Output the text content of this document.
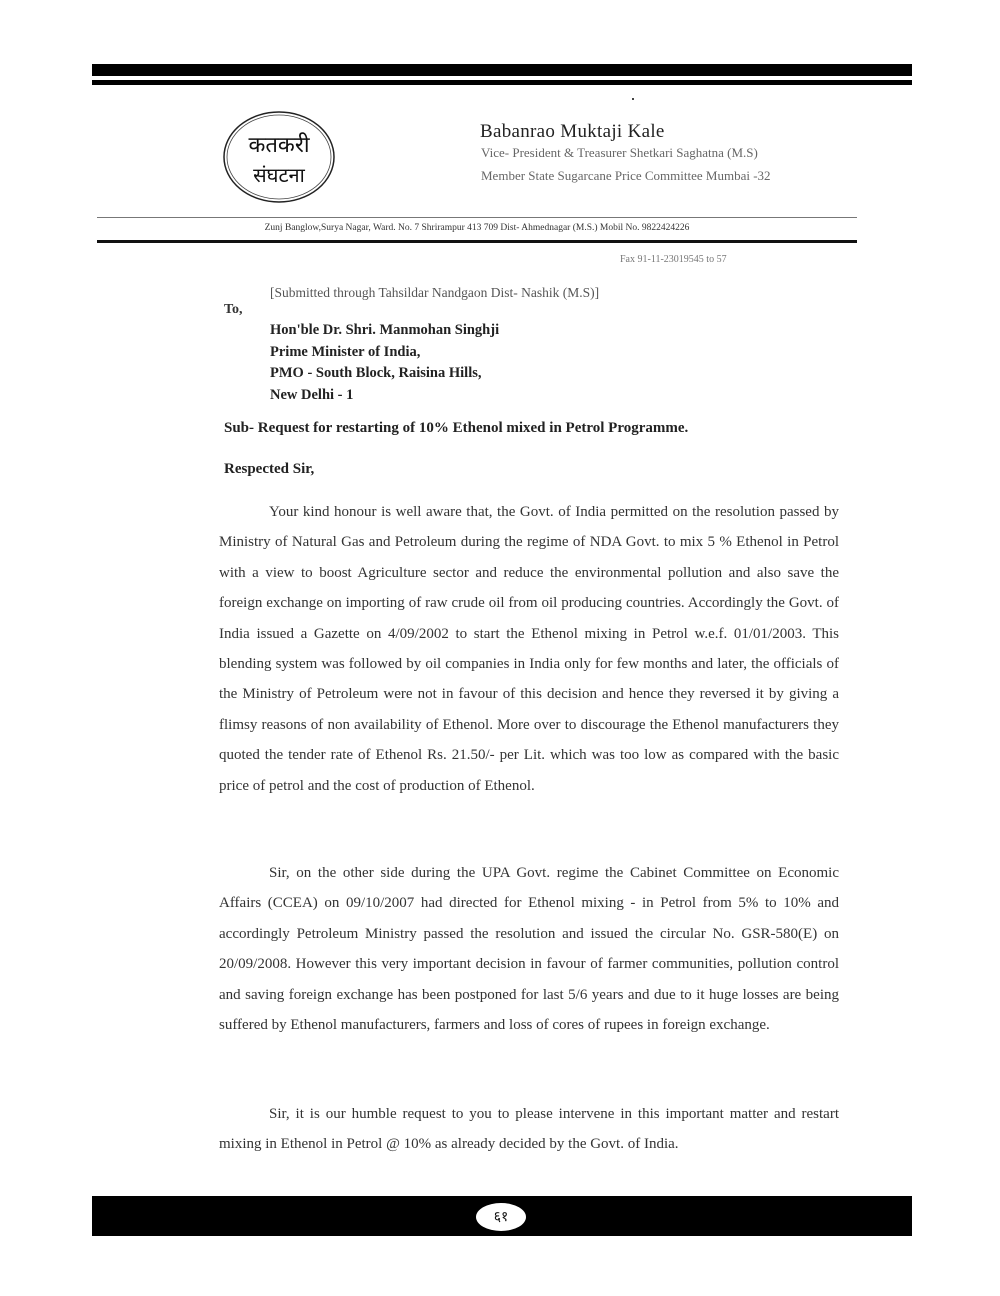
कतकरी
संघटना
Babanrao Muktaji Kale
Vice- President & Treasurer Shetkari Saghatna (M.S)
Member State Sugarcane Price Committee Mumbai -32
Zunj Banglow,Surya Nagar, Ward. No. 7 Shrirampur 413 709 Dist- Ahmednagar (M.S.) Mobil No. 9822424226
Fax 91-11-23019545 to 57
[Submitted through Tahsildar Nandgaon Dist- Nashik (M.S)]
To,
Hon'ble Dr. Shri. Manmohan Singhji
Prime Minister of India,
PMO - South Block, Raisina Hills,
New Delhi - 1
Sub- Request for restarting of 10% Ethenol mixed in Petrol Programme.
Respected Sir,

Your kind honour is well aware that, the Govt. of India permitted on the resolution passed by Ministry of Natural Gas and Petroleum during the regime of NDA Govt. to mix 5 % Ethenol in Petrol with a view to boost Agriculture sector and reduce the environmental pollution and also save the foreign exchange on importing of raw crude oil from oil producing countries. Accordingly the Govt. of India issued a Gazette on 4/09/2002 to start the Ethenol mixing in Petrol w.e.f. 01/01/2003. This blending system was followed by oil companies in India only for few months and later, the officials of the Ministry of Petroleum were not in favour of this decision and hence they reversed it by giving a flimsy reasons of non availability of Ethenol. More over to discourage the Ethenol manufacturers they quoted the tender rate of Ethenol Rs. 21.50/- per Lit. which was too low as compared with the basic price of petrol and the cost of production of Ethenol.

Sir, on the other side during the UPA Govt. regime the Cabinet Committee on Economic Affairs (CCEA) on 09/10/2007 had directed for Ethenol mixing - in Petrol from 5% to 10% and accordingly Petroleum Ministry passed the resolution and issued the circular No. GSR-580(E) on 20/09/2008. However this very important decision in favour of farmer communities, pollution control and saving foreign exchange has been postponed for last 5/6 years and due to it huge losses are being suffered by Ethenol manufacturers, farmers and loss of cores of rupees in foreign exchange.

Sir, it is our humble request to you to please intervene in this important matter and restart mixing in Ethenol in Petrol @ 10% as already decided by the Govt. of India.

६१
